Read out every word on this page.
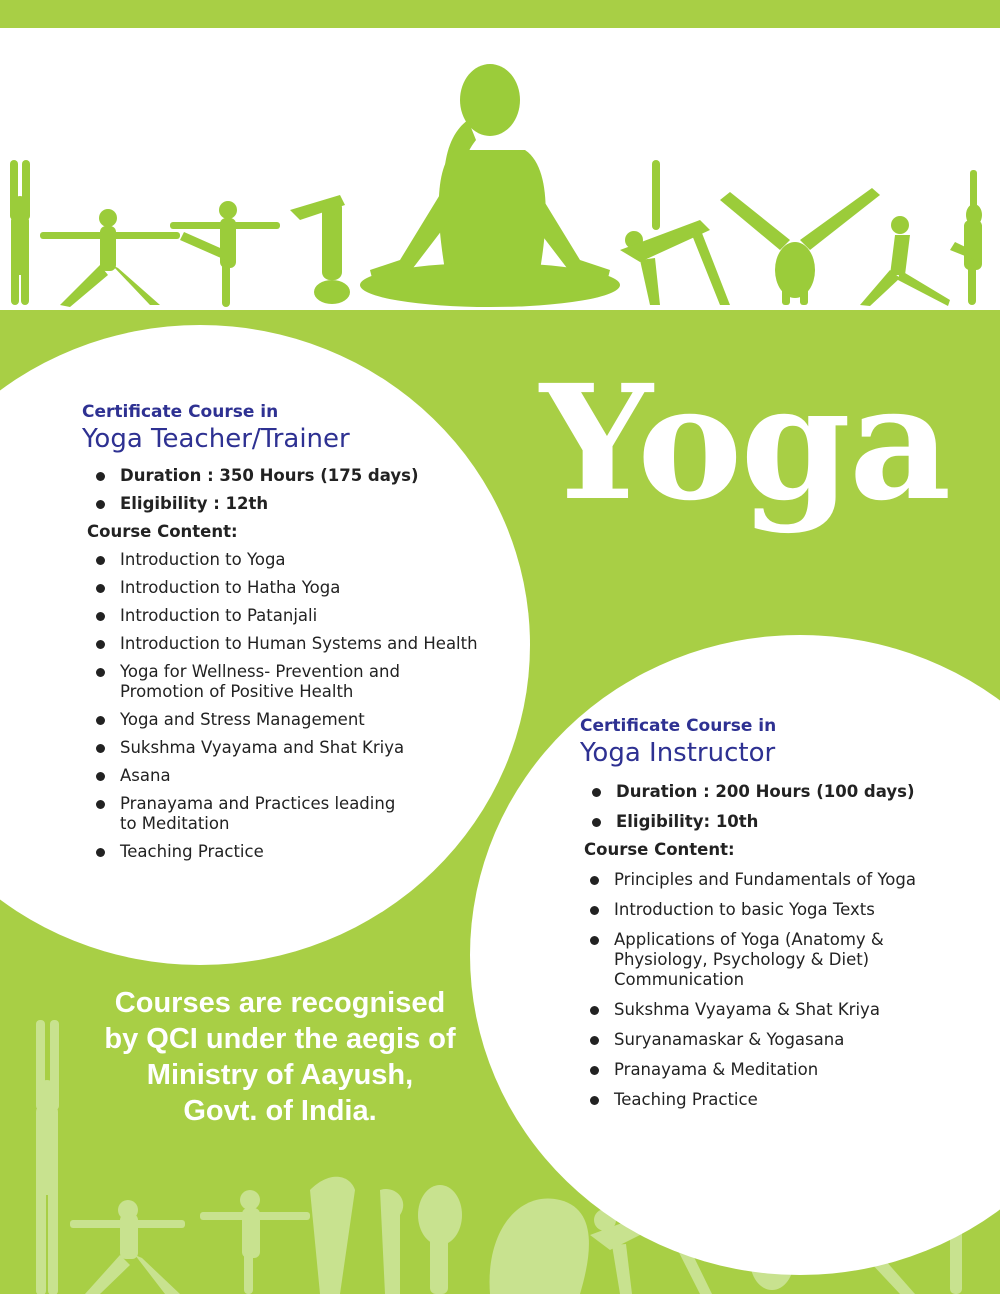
Yoga
Certificate Course in
Yoga Teacher/Trainer
Duration : 350 Hours (175 days)
Eligibility : 12th
Course Content:
Introduction to Yoga
Introduction to Hatha Yoga
Introduction to Patanjali
Introduction to Human Systems and Health
Yoga for Wellness- Prevention and Promotion of Positive Health
Yoga and Stress Management
Sukshma Vyayama and Shat Kriya
Asana
Pranayama and Practices leading to Meditation
Teaching Practice
Certificate Course in
Yoga Instructor
Duration : 200 Hours (100 days)
Eligibility: 10th
Course Content:
Principles and Fundamentals of Yoga
Introduction to basic Yoga Texts
Applications of Yoga (Anatomy & Physiology, Psychology & Diet) Communication
Sukshma Vyayama & Shat Kriya
Suryanamaskar & Yogasana
Pranayama & Meditation
Teaching Practice
Courses are recognised
by QCI under the aegis of
Ministry of Aayush,
Govt. of India.
